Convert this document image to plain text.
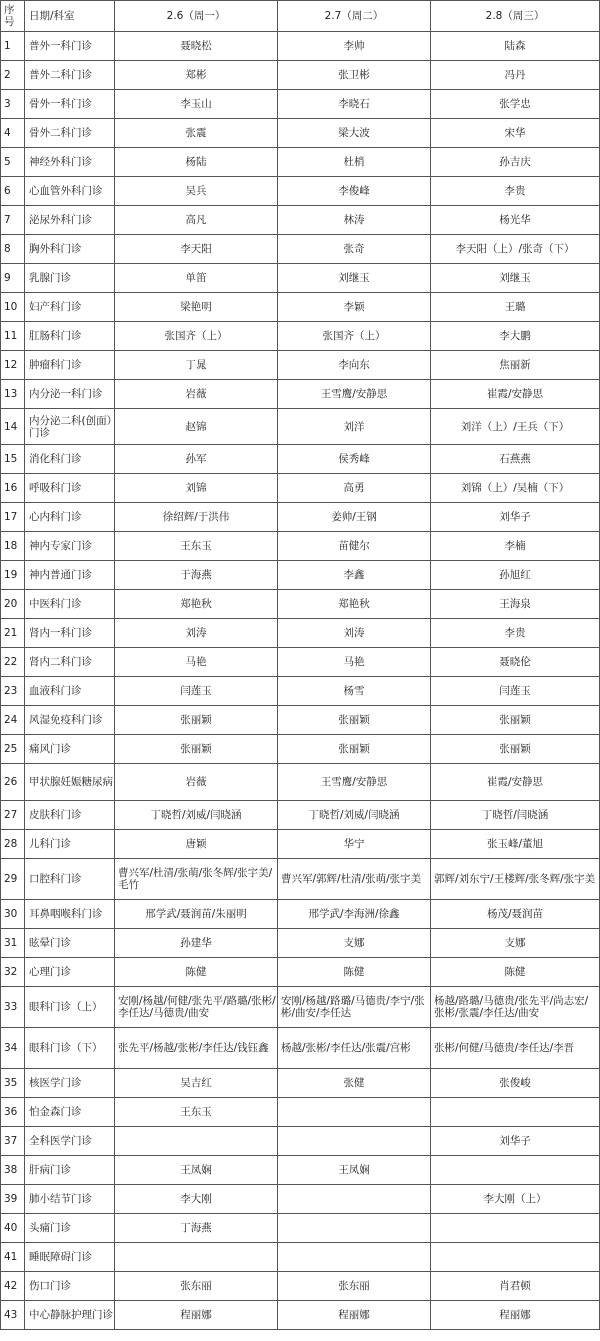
序号	日期/科室	2.6（周一）	2.7（周二）	2.8（周三）
1	普外一科门诊	聂晓松	李帅	陆森
2	普外二科门诊	郑彬	张卫彬	冯丹
3	骨外一科门诊	李玉山	李晓石	张学忠
4	骨外二科门诊	张震	梁大波	宋华
5	神经外科门诊	杨陆	杜梢	孙吉庆
6	心血管外科门诊	吴兵	李俊峰	李贵
7	泌尿外科门诊	高凡	林涛	杨光华
8	胸外科门诊	李天阳	张奇	李天阳（上）/张奇（下）
9	乳腺门诊	单笛	刘继玉	刘继玉
10	妇产科门诊	梁艳明	李颖	王璐
11	肛肠科门诊	张国齐（上）	张国齐（上）	李大鹏
12	肿瘤科门诊	丁晁	李向东	焦丽新
13	内分泌一科门诊	岩薇	王雪鹰/安静思	崔霞/安静思
14	内分泌二科(创面）门诊	赵锦	刘洋	刘洋（上）/王兵（下）
15	消化科门诊	孙军	侯秀峰	石燕燕
16	呼吸科门诊	刘锦	高勇	刘锦（上）/吴楠（下）
17	心内科门诊	徐绍辉/于洪伟	姜帅/王钢	刘华子
18	神内专家门诊	王东玉	苗健尔	李楠
19	神内普通门诊	于海燕	李鑫	孙旭红
20	中医科门诊	郑艳秋	郑艳秋	王海泉
21	肾内一科门诊	刘涛	刘涛	李贵
22	肾内二科门诊	马艳	马艳	聂晓伦
23	血液科门诊	闫莲玉	杨雪	闫莲玉
24	风湿免疫科门诊	张丽颖	张丽颖	张丽颖
25	痛风门诊	张丽颖	张丽颖	张丽颖
26	甲状腺妊娠糖尿病	岩薇	王雪鹰/安静思	崔霞/安静思
27	皮肤科门诊	丁晓哲/刘威/闫晓涵	丁晓哲/刘威/闫晓涵	丁晓哲/闫晓涵
28	儿科门诊	唐颖	华宁	张玉峰/董旭
29	口腔科门诊	曹兴军/杜清/张萌/张冬辉/张宇美/毛竹	曹兴军/郭辉/杜清/张萌/张宇美	郭辉/刘东宁/王楼辉/张冬辉/张宇美
30	耳鼻咽喉科门诊	邢学武/聂润苗/朱丽明	邢学武/李海洲/徐鑫	杨茂/聂润苗
31	眩晕门诊	孙建华	支娜	支娜
32	心理门诊	陈健	陈健	陈健
33	眼科门诊（上）	安刚/杨越/何健/张先平/路璐/张彬/李任达/马德贵/曲安	安刚/杨越/路璐/马德贵/李宁/张彬/曲安/李任达	杨越/路璐/马德贵/张先平/尚志宏/张彬/张震/李任达/曲安
34	眼科门诊（下）	张先平/杨越/张彬/李任达/钱钰鑫	杨越/张彬/李任达/张震/宫彬	张彬/何健/马德贵/李任达/李晋
35	核医学门诊	吴吉红	张健	张俊峻
36	怕金森门诊	王东玉		
37	全科医学门诊			刘华子
38	肝病门诊	王凤娴	王凤娴	
39	肺小结节门诊	李大刚		李大刚（上）
40	头痛门诊	丁海燕		
41	睡眠障碍门诊			
42	伤口门诊	张东丽	张东丽	肖君顿
43	中心静脉护理门诊	程丽娜	程丽娜	程丽娜
